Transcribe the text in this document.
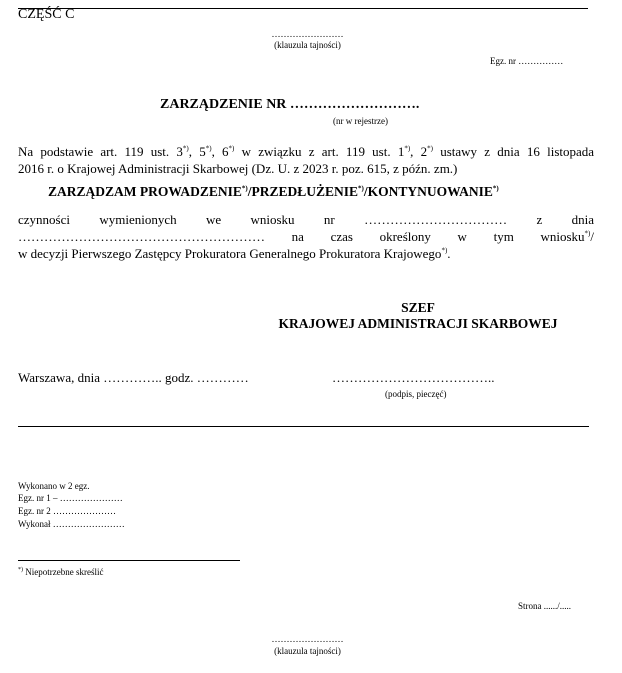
CZĘŚĆ C
……………………
(klauzula tajności)
Egz. nr ……………
ZARZĄDZENIE NR ……………………….
(nr w rejestrze)
Na podstawie art. 119 ust. 3*), 5*), 6*) w związku z art. 119 ust. 1*), 2*) ustawy z dnia 16 listopada
2016 r. o Krajowej Administracji Skarbowej (Dz. U. z 2023 r. poz. 615, z późn. zm.)
ZARZĄDZAM PROWADZENIE*)/PRZEDŁUŻENIE*)/KONTYNUOWANIE*)
czynności wymienionych we wniosku nr …………………………… z dnia
………………………………………………… na czas określony w tym wniosku*)/
w decyzji Pierwszego Zastępcy Prokuratora Generalnego Prokuratora Krajowego*).
SZEF
KRAJOWEJ ADMINISTRACJI SKARBOWEJ
Warszawa, dnia ………….. godz. …………	………………………………..
(podpis, pieczęć)
Wykonano w 2 egz.
Egz. nr 1 – …………………
Egz. nr 2 …………………
Wykonał ……………………
*) Niepotrzebne skreślić
Strona ....../.....
……………………
(klauzula tajności)
